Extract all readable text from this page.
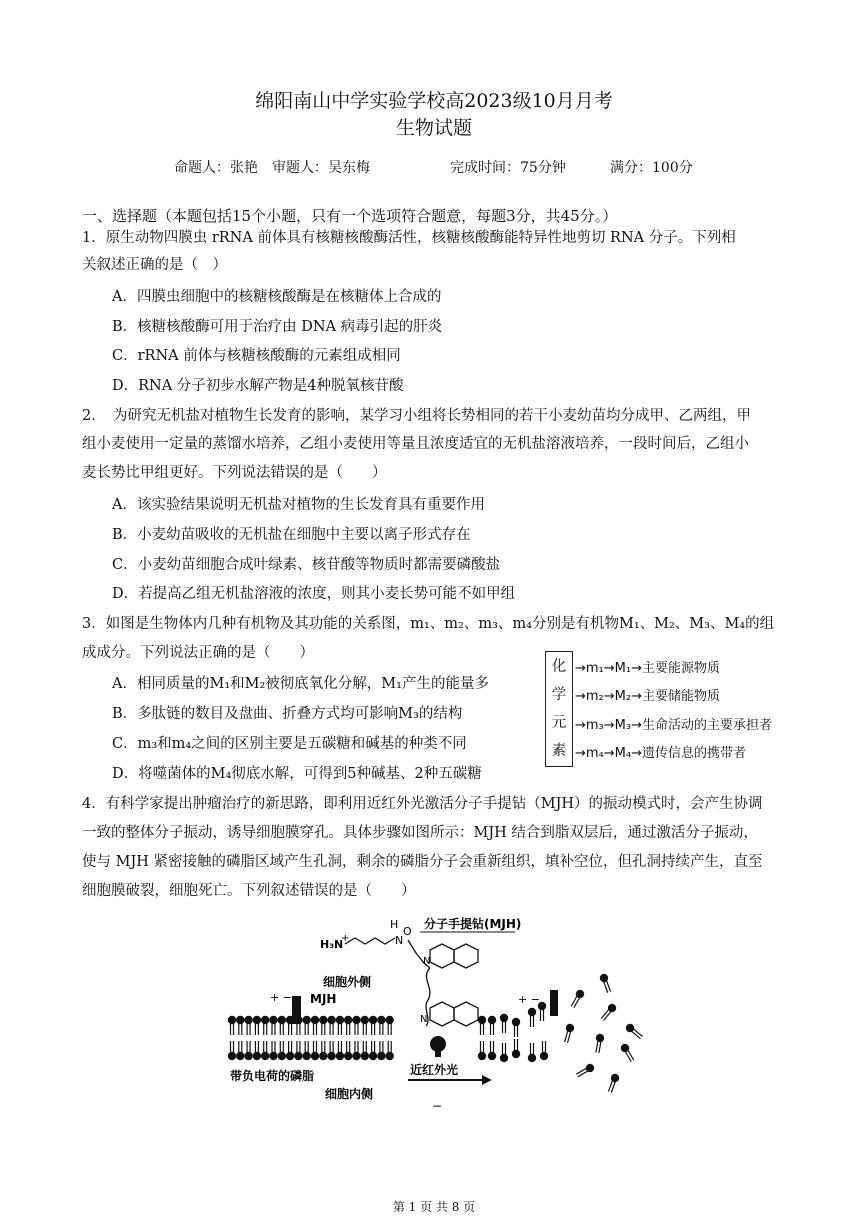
绵阳南山中学实验学校高2023级10月月考
生物试题
命题人：张艳　审题人：吴东梅	完成时间：75分钟	满分：100分
一、选择题（本题包括15个小题，只有一个选项符合题意，每题3分，共45分。）
1．原生动物四膜虫 rRNA 前体具有核糖核酸酶活性，核糖核酸酶能特异性地剪切 RNA 分子。下列相
关叙述正确的是（　）
A．四膜虫细胞中的核糖核酸酶是在核糖体上合成的
B．核糖核酸酶可用于治疗由 DNA 病毒引起的肝炎
C．rRNA 前体与核糖核酸酶的元素组成相同
D．RNA 分子初步水解产物是4种脱氧核苷酸
2．　为研究无机盐对植物生长发育的影响，某学习小组将长势相同的若干小麦幼苗均分成甲、乙两组，甲
组小麦使用一定量的蒸馏水培养，乙组小麦使用等量且浓度适宜的无机盐溶液培养，一段时间后，乙组小
麦长势比甲组更好。下列说法错误的是（　　）
A．该实验结果说明无机盐对植物的生长发育具有重要作用
B．小麦幼苗吸收的无机盐在细胞中主要以离子形式存在
C．小麦幼苗细胞合成叶绿素、核苷酸等物质时都需要磷酸盐
D．若提高乙组无机盐溶液的浓度，则其小麦长势可能不如甲组
3．如图是生物体内几种有机物及其功能的关系图，m₁、m₂、m₃、m₄分别是有机物M₁、M₂、M₃、M₄的组
成成分。下列说法正确的是（　　）
A．相同质量的M₁和M₂被彻底氧化分解，M₁产生的能量多
B．多肽链的数目及盘曲、折叠方式均可影响M₃的结构
C．m₃和m₄之间的区别主要是五碳糖和碱基的种类不同
D．将噬菌体的M₄彻底水解，可得到5种碱基、2种五碳糖
化
学
元
素
→m₁→M₁→主要能源物质
→m₂→M₂→主要储能物质
→m₃→M₃→生命活动的主要承担者
→m₄→M₄→遗传信息的携带者
4．有科学家提出肿瘤治疗的新思路，即利用近红外光激活分子手提钻（MJH）的振动模式时，会产生协调
一致的整体分子振动，诱导细胞膜穿孔。具体步骤如图所示：MJH 结合到脂双层后，通过激活分子振动，
使与 MJH 紧密接触的磷脂区域产生孔洞，剩余的磷脂分子会重新组织，填补空位，但孔洞持续产生，直至
细胞膜破裂，细胞死亡。下列叙述错误的是（　　）
H₃N
+
H
N
O
分子手提钻(MJH)
N
N
细胞外侧
MJH
+ −
近红外光
带负电荷的磷脂
细胞内侧
−
+ −
第 1 页 共 8 页
